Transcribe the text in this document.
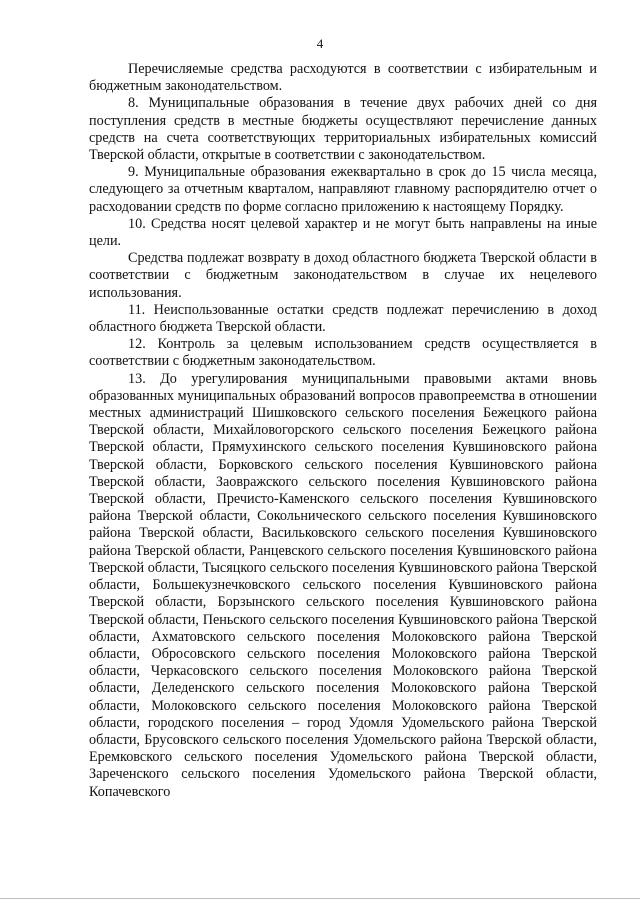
4

Перечисляемые средства расходуются в соответствии с избирательным и бюджетным законодательством.

8. Муниципальные образования в течение двух рабочих дней со дня поступления средств в местные бюджеты осуществляют перечисление данных средств на счета соответствующих территориальных избирательных комиссий Тверской области, открытые в соответствии с законодательством.

9. Муниципальные образования ежеквартально в срок до 15 числа месяца, следующего за отчетным кварталом, направляют главному распорядителю отчет о расходовании средств по форме согласно приложению к настоящему Порядку.

10. Средства носят целевой характер и не могут быть направлены на иные цели.

Средства подлежат возврату в доход областного бюджета Тверской области в соответствии с бюджетным законодательством в случае их нецелевого использования.

11. Неиспользованные остатки средств подлежат перечислению в доход областного бюджета Тверской области.

12. Контроль за целевым использованием средств осуществляется в соответствии с бюджетным законодательством.

13. До урегулирования муниципальными правовыми актами вновь образованных муниципальных образований вопросов правопреемства в отношении местных администраций Шишковского сельского поселения Бежецкого района Тверской области, Михайловогорского сельского поселения Бежецкого района Тверской области, Прямухинского сельского поселения Кувшиновского района Тверской области, Борковского сельского поселения Кувшиновского района Тверской области, Заовражского сельского поселения Кувшиновского района Тверской области, Пречисто-Каменского сельского поселения Кувшиновского района Тверской области, Сокольнического сельского поселения Кувшиновского района Тверской области, Васильковского сельского поселения Кувшиновского района Тверской области, Ранцевского сельского поселения Кувшиновского района Тверской области, Тысяцкого сельского поселения Кувшиновского района Тверской области, Большекузнечковского сельского поселения Кувшиновского района Тверской области, Борзынского сельского поселения Кувшиновского района Тверской области, Пеньского сельского поселения Кувшиновского района Тверской области, Ахматовского сельского поселения Молоковского района Тверской области, Обросовского сельского поселения Молоковского района Тверской области, Черкасовского сельского поселения Молоковского района Тверской области, Деледенского сельского поселения Молоковского района Тверской области, Молоковского сельского поселения Молоковского района Тверской области, городского поселения – город Удомля Удомельского района Тверской области, Брусовского сельского поселения Удомельского района Тверской области, Еремковского сельского поселения Удомельского района Тверской области, Зареченского сельского поселения Удомельского района Тверской области, Копачевского
